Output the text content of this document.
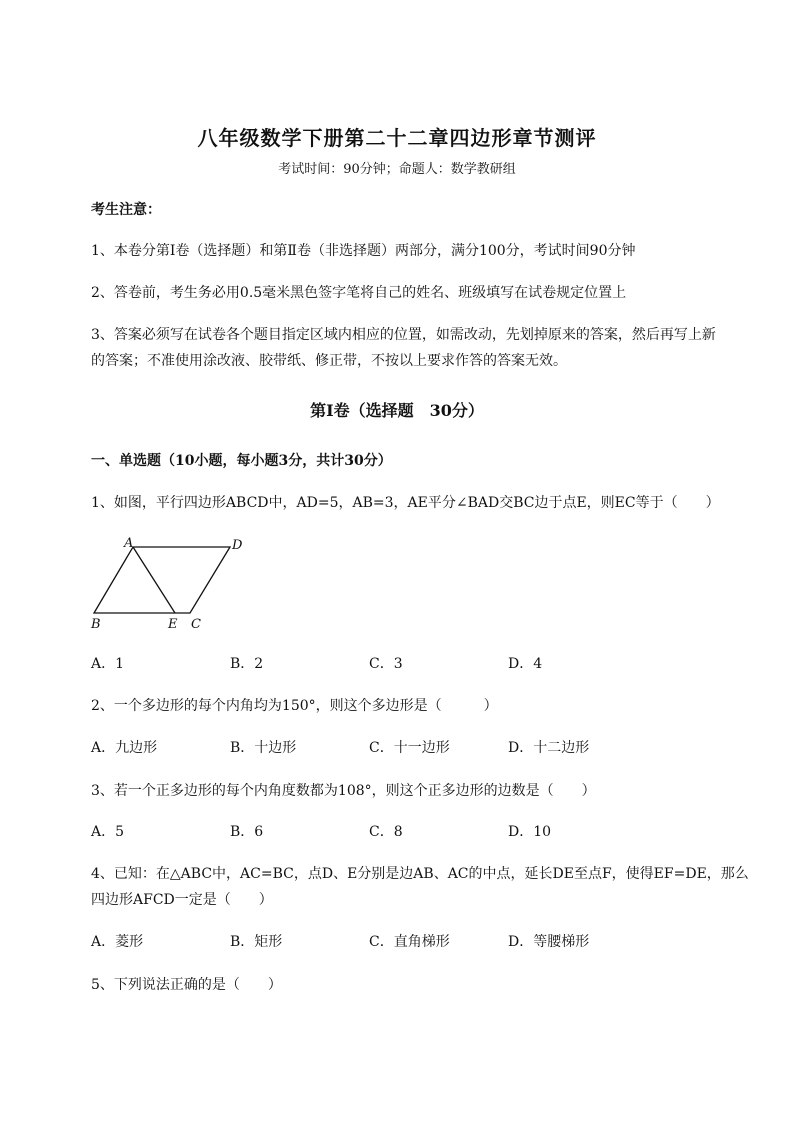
八年级数学下册第二十二章四边形章节测评
考试时间：90分钟；命题人：数学教研组
考生注意：
1、本卷分第Ⅰ卷（选择题）和第Ⅱ卷（非选择题）两部分，满分100分，考试时间90分钟
2、答卷前，考生务必用0.5毫米黑色签字笔将自己的姓名、班级填写在试卷规定位置上
3、答案必须写在试卷各个题目指定区域内相应的位置，如需改动，先划掉原来的答案，然后再写上新
的答案；不准使用涂改液、胶带纸、修正带，不按以上要求作答的答案无效。
第Ⅰ卷（选择题　30分）
一、单选题（10小题，每小题3分，共计30分）
1、如图，平行四边形ABCD中，AD=5，AB=3，AE平分∠BAD交BC边于点E，则EC等于（　　）
A	D
B	E C
A．1	B．2	C．3	D．4
2、一个多边形的每个内角均为150°，则这个多边形是（　　　）
A．九边形	B．十边形	C．十一边形	D．十二边形
3、若一个正多边形的每个内角度数都为108°，则这个正多边形的边数是（　　）
A．5	B．6	C．8	D．10
4、已知：在△ABC中，AC=BC，点D、E分别是边AB、AC的中点，延长DE至点F，使得EF=DE，那么
四边形AFCD一定是（　　）
A．菱形	B．矩形	C．直角梯形	D．等腰梯形
5、下列说法正确的是（　　）
